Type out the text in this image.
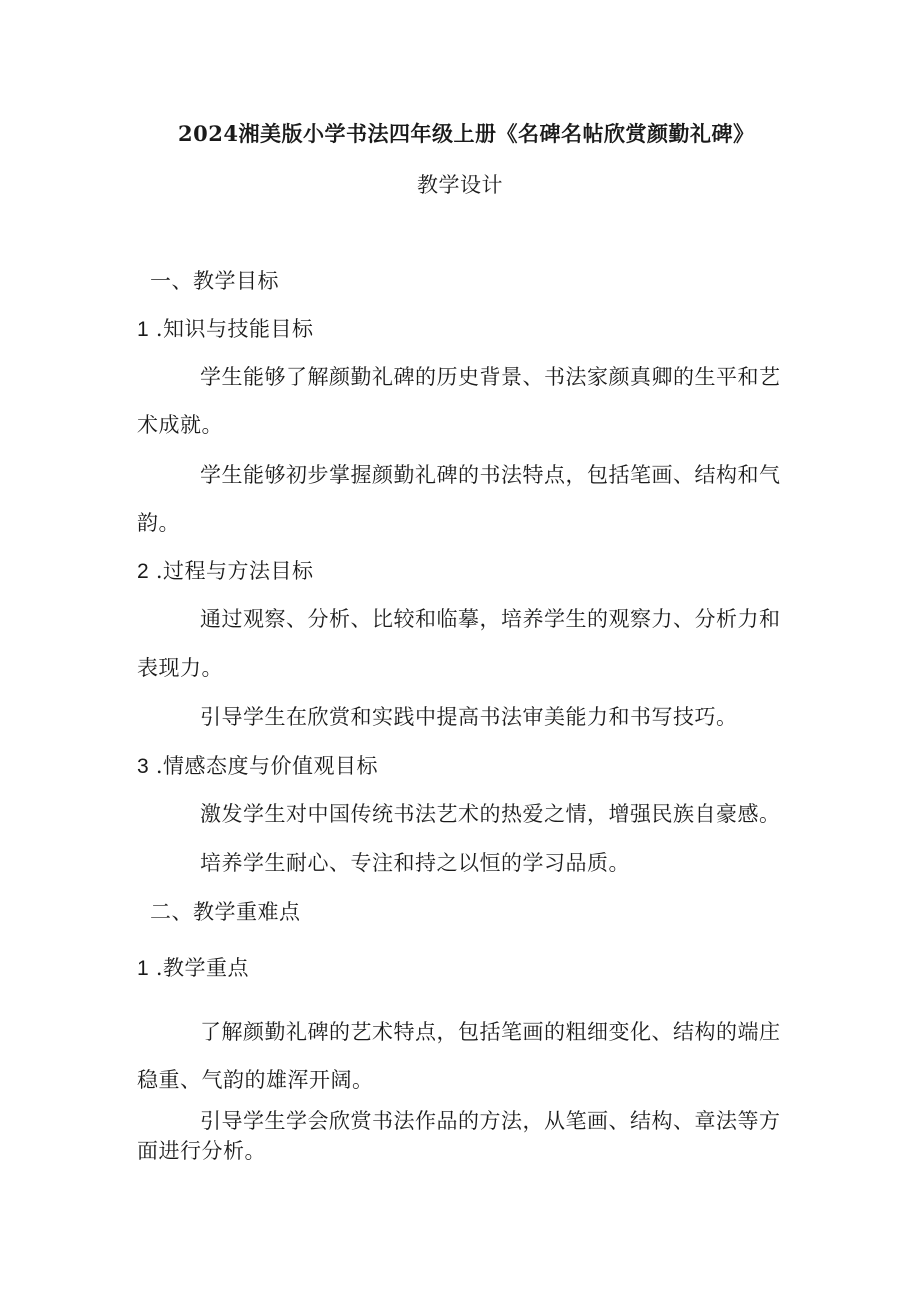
2024湘美版小学书法四年级上册《名碑名帖欣赏颜勤礼碑》

教学设计

一、教学目标

1 .知识与技能目标

学生能够了解颜勤礼碑的历史背景、书法家颜真卿的生平和艺

术成就。

学生能够初步掌握颜勤礼碑的书法特点，包括笔画、结构和气

韵。

2 .过程与方法目标

通过观察、分析、比较和临摹，培养学生的观察力、分析力和

表现力。

引导学生在欣赏和实践中提高书法审美能力和书写技巧。

3 .情感态度与价值观目标

激发学生对中国传统书法艺术的热爱之情，增强民族自豪感。

培养学生耐心、专注和持之以恒的学习品质。

二、教学重难点

1 .教学重点

了解颜勤礼碑的艺术特点，包括笔画的粗细变化、结构的端庄

稳重、气韵的雄浑开阔。

引导学生学会欣赏书法作品的方法，从笔画、结构、章法等方

面进行分析。
